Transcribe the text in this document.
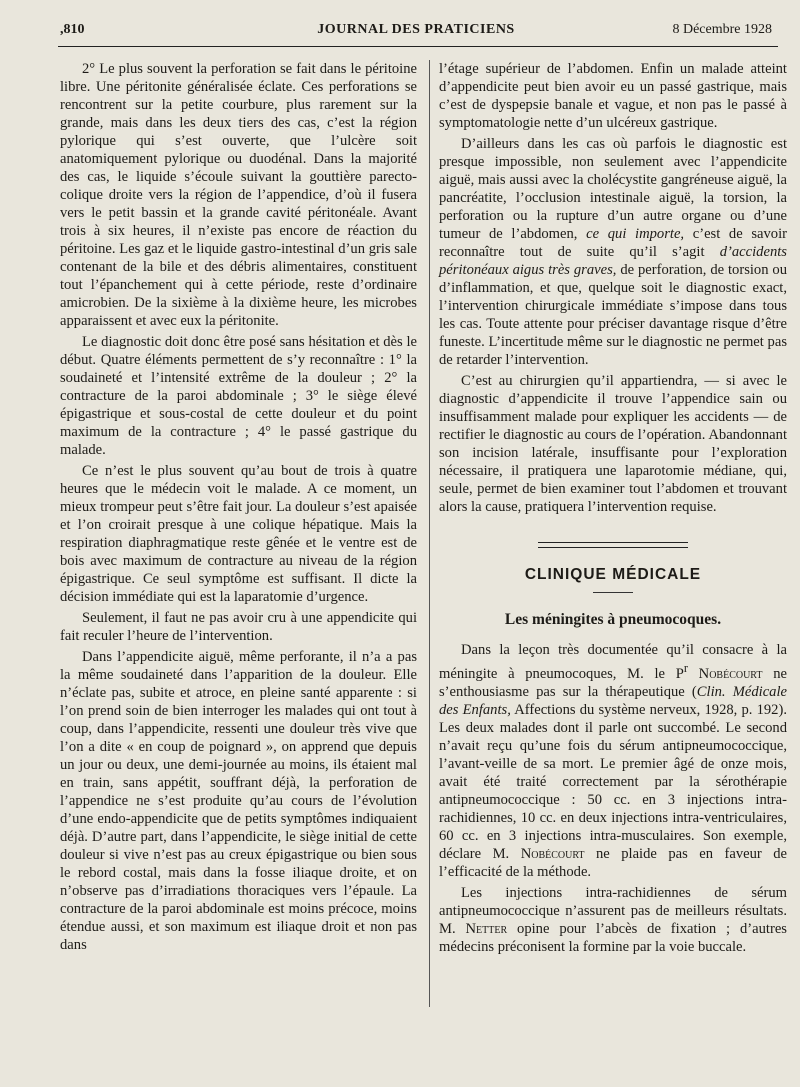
,810	JOURNAL DES PRATICIENS	8 Décembre 1928

2° Le plus souvent la perforation se fait dans le péritoine libre. Une péritonite généralisée éclate. Ces perforations se rencontrent sur la petite courbure, plus rarement sur la grande, mais dans les deux tiers des cas, c’est la région pylorique qui s’est ouverte, que l’ulcère soit anatomiquement pylorique ou duodénal. Dans la majorité des cas, le liquide s’écoule suivant la gouttière parecto-colique droite vers la région de l’appendice, d’où il fusera vers le petit bassin et la grande cavité péritonéale. Avant trois à six heures, il n’existe pas encore de réaction du péritoine. Les gaz et le liquide gastro-intestinal d’un gris sale contenant de la bile et des débris alimentaires, constituent tout l’épanchement qui à cette période, reste d’ordinaire amicrobien. De la sixième à la dixième heure, les microbes apparaissent et avec eux la péritonite.

Le diagnostic doit donc être posé sans hésitation et dès le début. Quatre éléments permettent de s’y reconnaître : 1° la soudaineté et l’intensité extrême de la douleur ; 2° la contracture de la paroi abdominale ; 3° le siège élevé épigastrique et sous-costal de cette douleur et du point maximum de la contracture ; 4° le passé gastrique du malade.

Ce n’est le plus souvent qu’au bout de trois à quatre heures que le médecin voit le malade. A ce moment, un mieux trompeur peut s’être fait jour. La douleur s’est apaisée et l’on croirait presque à une colique hépatique. Mais la respiration diaphragmatique reste gênée et le ventre est de bois avec maximum de contracture au niveau de la région épigastrique. Ce seul symptôme est suffisant. Il dicte la décision immédiate qui est la laparatomie d’urgence.

Seulement, il faut ne pas avoir cru à une appendicite qui fait reculer l’heure de l’intervention.

Dans l’appendicite aiguë, même perforante, il n’a a pas la même soudaineté dans l’apparition de la douleur. Elle n’éclate pas, subite et atroce, en pleine santé apparente : si l’on prend soin de bien interroger les malades qui ont tout à coup, dans l’appendicite, ressenti une douleur très vive que l’on a dite « en coup de poignard », on apprend que depuis un jour ou deux, une demi-journée au moins, ils étaient mal en train, sans appétit, souffrant déjà, la perforation de l’appendice ne s’est produite qu’au cours de l’évolution d’une endo-appendicite que de petits symptômes indiquaient déjà. D’autre part, dans l’appendicite, le siège initial de cette douleur si vive n’est pas au creux épigastrique ou bien sous le rebord costal, mais dans la fosse iliaque droite, et on n’observe pas d’irradiations thoraciques vers l’épaule. La contracture de la paroi abdominale est moins précoce, moins étendue aussi, et son maximum est iliaque droit et non pas dans

l’étage supérieur de l’abdomen. Enfin un malade atteint d’appendicite peut bien avoir eu un passé gastrique, mais c’est de dyspepsie banale et vague, et non pas le passé à symptomatologie nette d’un ulcéreux gastrique.

D’ailleurs dans les cas où parfois le diagnostic est presque impossible, non seulement avec l’appendicite aiguë, mais aussi avec la cholécystite gangréneuse aiguë, la pancréatite, l’occlusion intestinale aiguë, la torsion, la perforation ou la rupture d’un autre organe ou d’une tumeur de l’abdomen, ce qui importe, c’est de savoir reconnaître tout de suite qu’il s’agit d’accidents péritonéaux aigus très graves, de perforation, de torsion ou d’inflammation, et que, quelque soit le diagnostic exact, l’intervention chirurgicale immédiate s’impose dans tous les cas. Toute attente pour préciser davantage risque d’être funeste. L’incertitude même sur le diagnostic ne permet pas de retarder l’intervention.

C’est au chirurgien qu’il appartiendra, — si avec le diagnostic d’appendicite il trouve l’appendice sain ou insuffisamment malade pour expliquer les accidents — de rectifier le diagnostic au cours de l’opération. Abandonnant son incision latérale, insuffisante pour l’exploration nécessaire, il pratiquera une laparotomie médiane, qui, seule, permet de bien examiner tout l’abdomen et trouvant alors la cause, pratiquera l’intervention requise.

CLINIQUE MÉDICALE
Les méningites à pneumocoques.

Dans la leçon très documentée qu’il consacre à la méningite à pneumocoques, M. le $P^r$ Nobécourt ne s’enthousiasme pas sur la thérapeutique (Clin. Médicale des Enfants, Affections du système nerveux, 1928, p. 192). Les deux malades dont il parle ont succombé. Le second n’avait reçu qu’une fois du sérum antipneumococcique, l’avant-veille de sa mort. Le premier âgé de onze mois, avait été traité correctement par la sérothérapie antipneumococcique : 50 cc. en 3 injections intra-rachidiennes, 10 cc. en deux injections intra-ventriculaires, 60 cc. en 3 injections intra-musculaires. Son exemple, déclare M. Nobécourt ne plaide pas en faveur de l’efficacité de la méthode.

Les injections intra-rachidiennes de sérum antipneumococcique n’assurent pas de meilleurs résultats. M. Netter opine pour l’abcès de fixation ; d’autres médecins préconisent la formine par la voie buccale.
